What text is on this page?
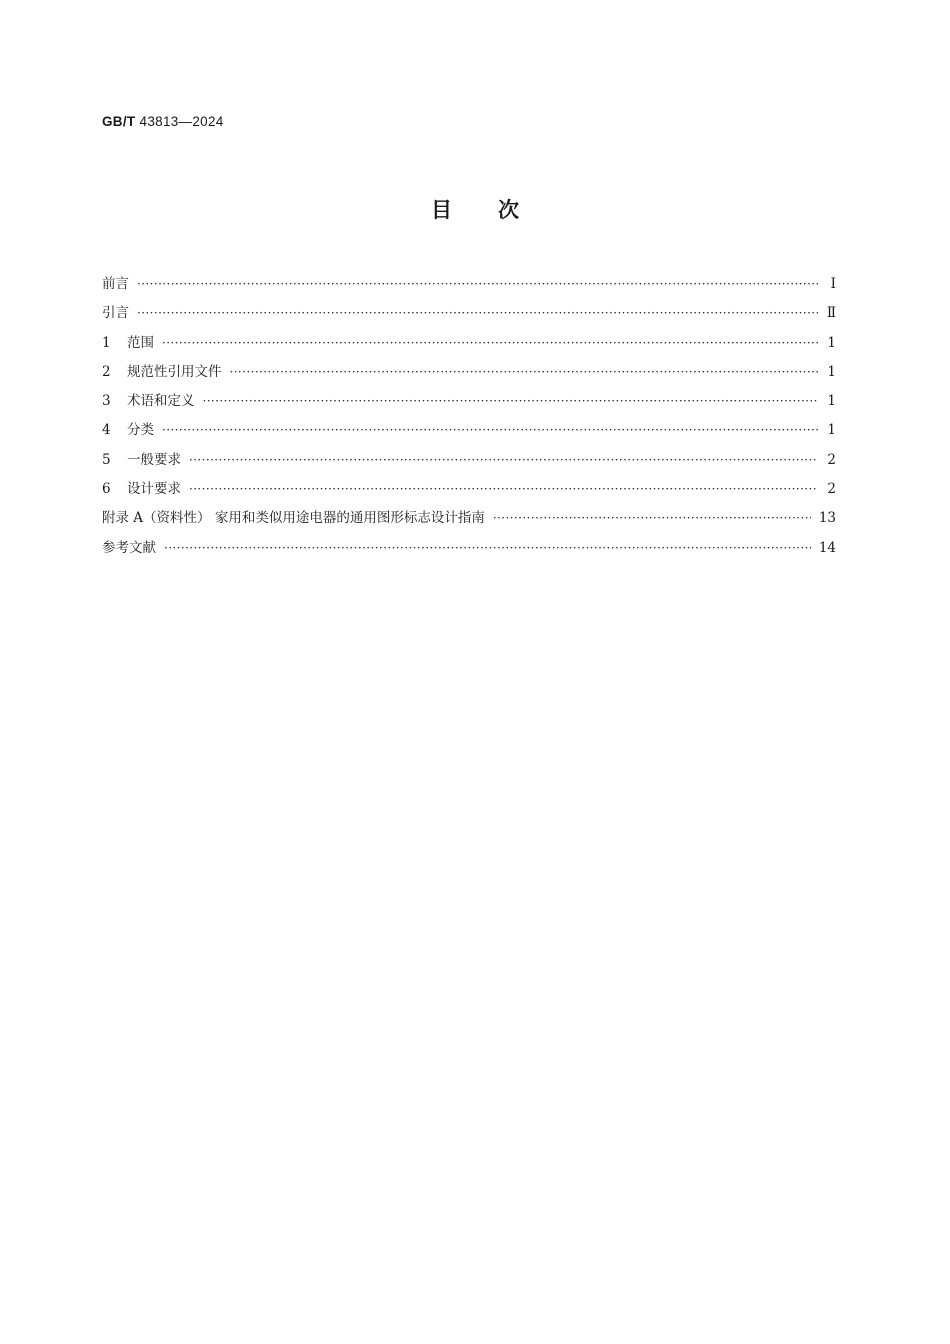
GB/T 43813—2024
目 次
前言 ·····	Ⅰ
引言 ·····	Ⅱ
1	范围 ·····	1
2	规范性引用文件 ·····	1
3	术语和定义 ·····	1
4	分类 ·····	1
5	一般要求 ·····	2
6	设计要求 ·····	2
附录 A（资料性） 家用和类似用途电器的通用图形标志设计指南 ·····	13
参考文献 ·····	14
